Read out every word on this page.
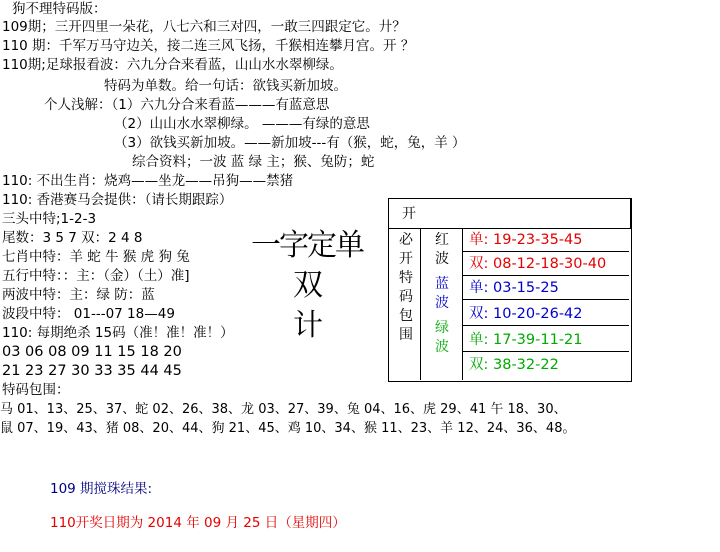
狗不理特码版：
109期；三开四里一朵花，八七六和三对四，一敢三四跟定它。廾？
110 期：千军万马守边关，接二连三风飞扬，千猴相连攀月宫。开 ？
110期;足球报看波：六九分合来看蓝，山山水水翠柳绿。
特码为单数。给一句话：欲钱买新加坡。
个人浅解：（1）六九分合来看蓝———有蓝意思
（2）山山水水翠柳绿。 ———有绿的意思
（3）欲钱买新加坡。——新加坡---有（猴，蛇，兔，羊 ）
综合资料；一波 蓝 绿 主；猴、兔防；蛇
110: 不出生肖：烧鸡——坐龙——吊狗——禁猪
110: 香港赛马会提供：（请长期跟踪）
三头中特;1-2-3
尾数：3 5 7 双：2 4 8
七肖中特：羊 蛇 牛 猴 虎 狗 兔
五行中特：：主：（金）（土）准]
两波中特：主：绿 防：蓝
波段中特： 01---07 18—49
110: 每期绝杀 15码（准！准！准！）
03 06 08 09 11 15 18 20
21 23 27 30 33 35 44 45
特码包围：
马 01、13、25、37、蛇 02、26、38、龙 03、27、39、兔 04、16、虎 29、41 午 18、30、
鼠 07、19、43、猪 08、20、44、狗 21、45、鸡 10、34、猴 11、23、羊 12、24、36、48。
109 期搅珠结果:
110开奖日期为 2014 年 09 月 25 日（星期四）
一字定单双
计
开
必
开
特
码
包
围
红
波
蓝
波
绿
波
单: 19-23-35-45
双: 08-12-18-30-40
单: 03-15-25
双: 10-20-26-42
单: 17-39-11-21
双: 38-32-22
